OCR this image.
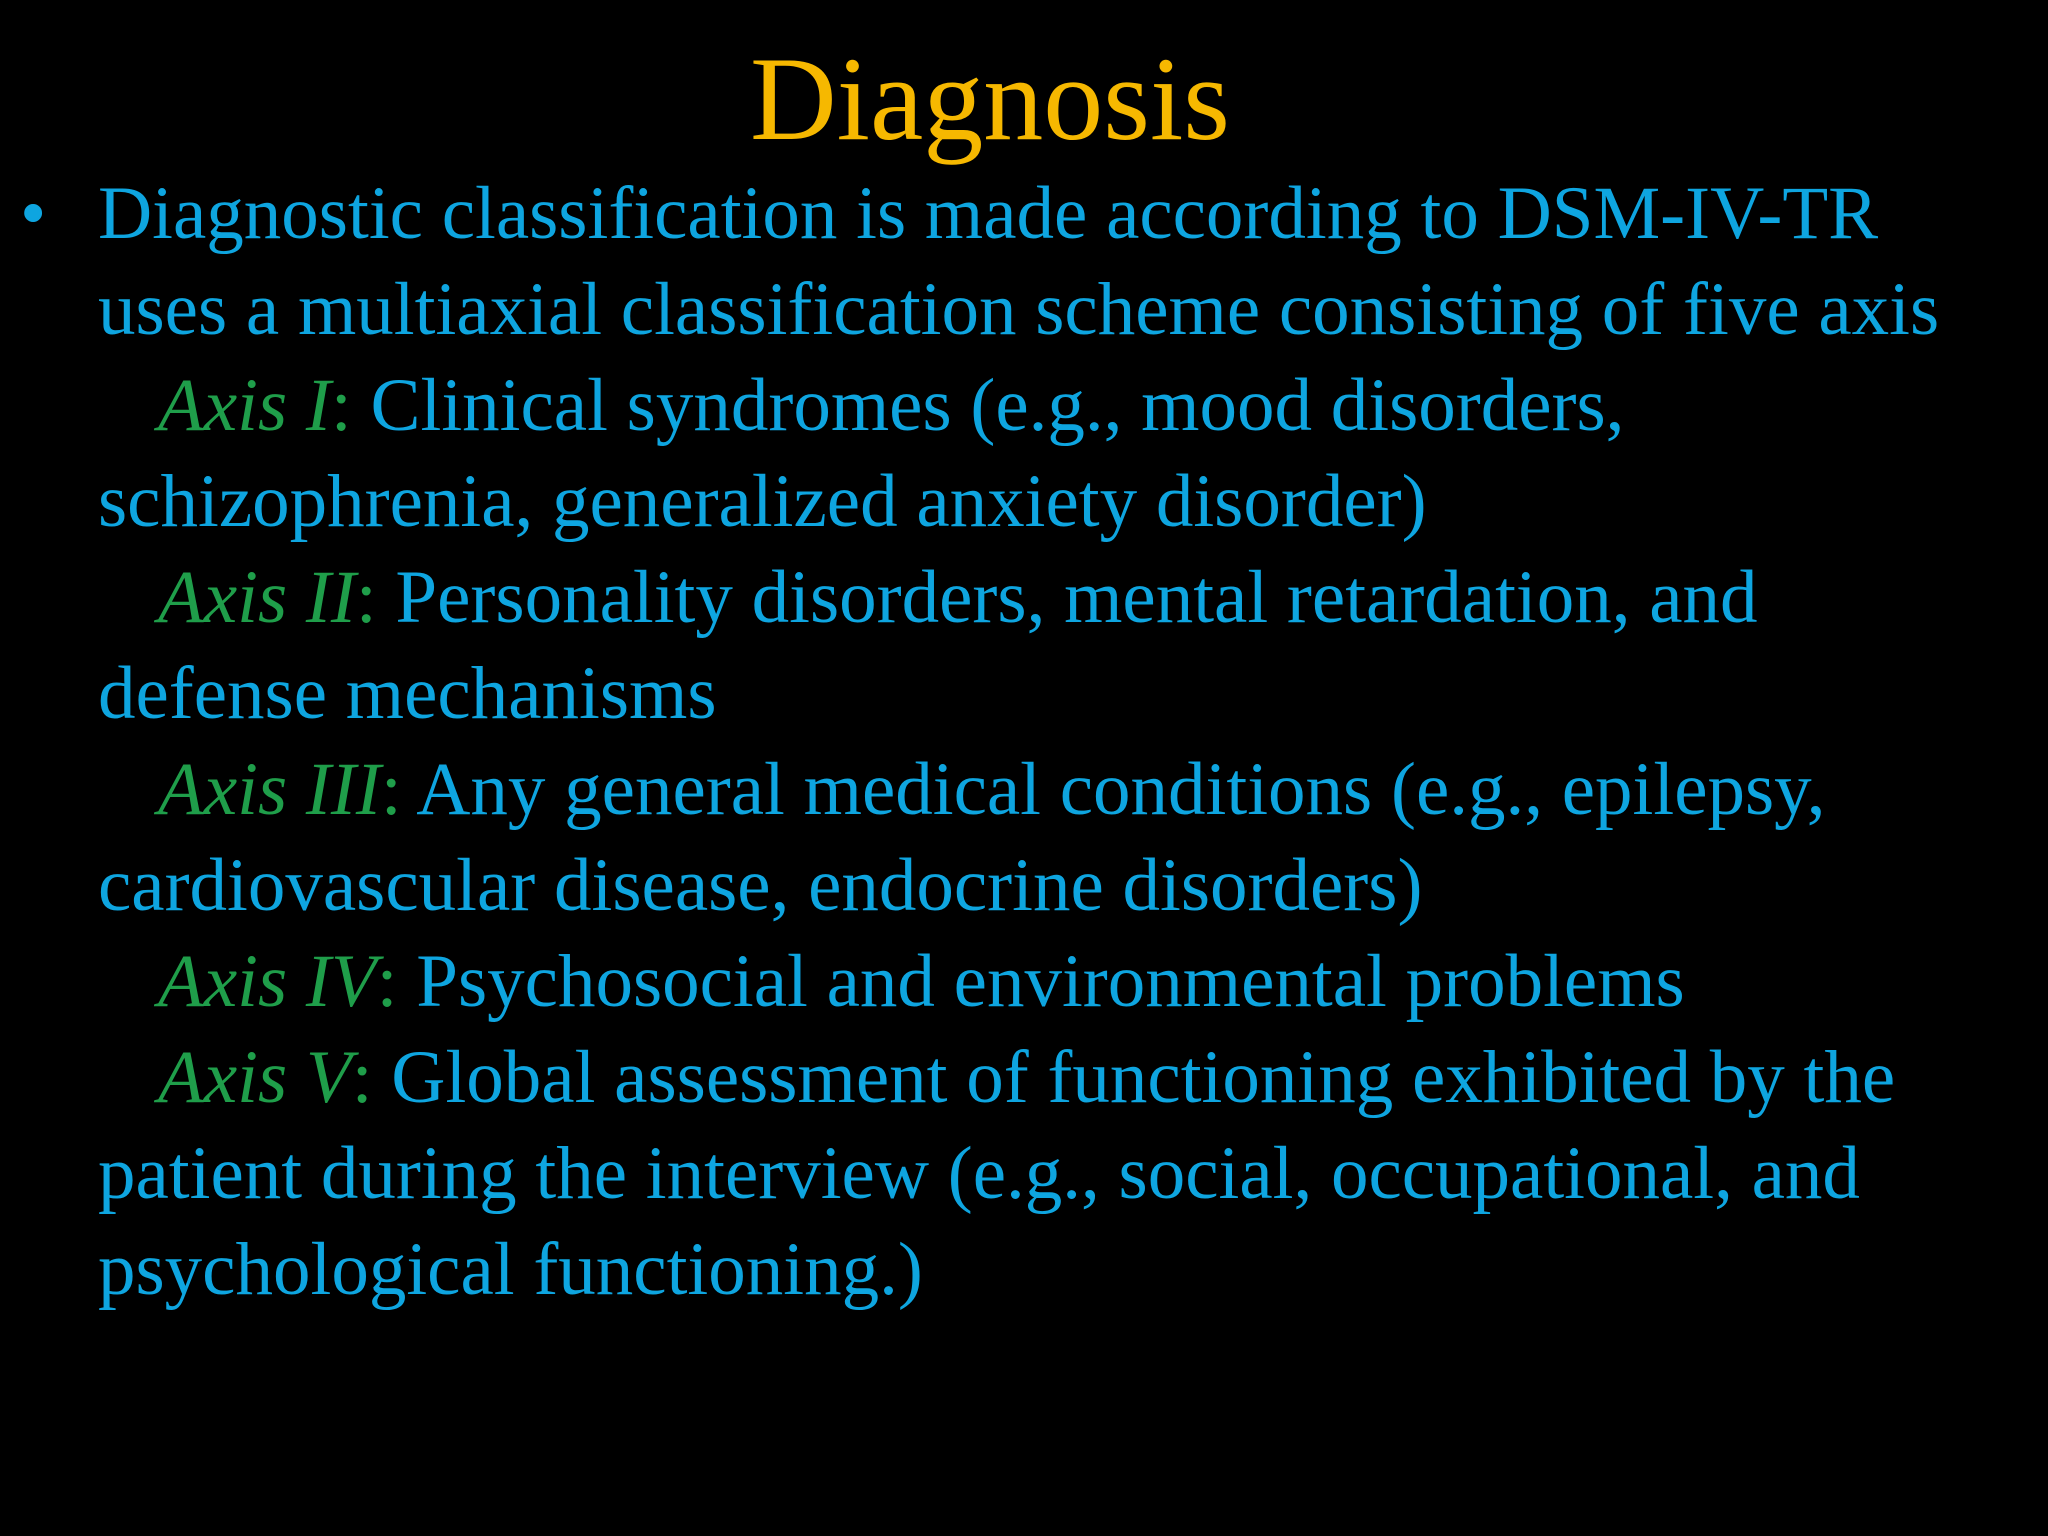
Diagnosis
• Diagnostic classification is made according to DSM-IV-TR
uses a multiaxial classification scheme consisting of five axis
Axis I: Clinical syndromes (e.g., mood disorders,
schizophrenia, generalized anxiety disorder)
Axis II: Personality disorders, mental retardation, and
defense mechanisms
Axis III: Any general medical conditions (e.g., epilepsy,
cardiovascular disease, endocrine disorders)
Axis IV: Psychosocial and environmental problems
Axis V: Global assessment of functioning exhibited by the
patient during the interview (e.g., social, occupational, and
psychological functioning.)
